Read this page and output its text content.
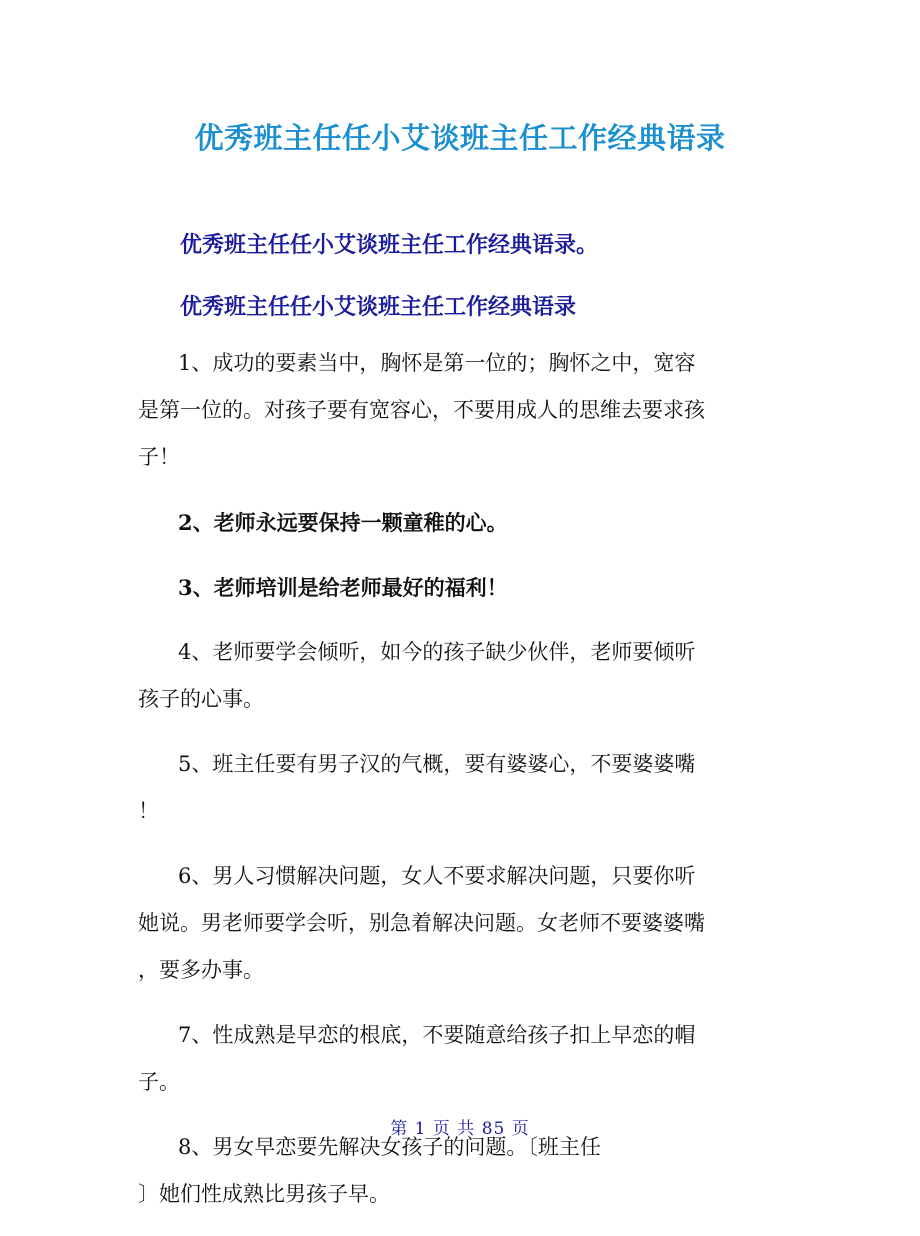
优秀班主任任小艾谈班主任工作经典语录
优秀班主任任小艾谈班主任工作经典语录。
优秀班主任任小艾谈班主任工作经典语录

1、成功的要素当中，胸怀是第一位的；胸怀之中，宽容
是第一位的。对孩子要有宽容心，不要用成人的思维去要求孩
子！

2、老师永远要保持一颗童稚的心。

3、老师培训是给老师最好的福利！

4、老师要学会倾听，如今的孩子缺少伙伴，老师要倾听
孩子的心事。

5、班主任要有男子汉的气概，要有婆婆心，不要婆婆嘴
！

6、男人习惯解决问题，女人不要求解决问题，只要你听
她说。男老师要学会听，别急着解决问题。女老师不要婆婆嘴
，要多办事。

7、性成熟是早恋的根底，不要随意给孩子扣上早恋的帽
子。

8、男女早恋要先解决女孩子的问题。〔班主任
〕她们性成熟比男孩子早。

第 1 页 共 85 页
